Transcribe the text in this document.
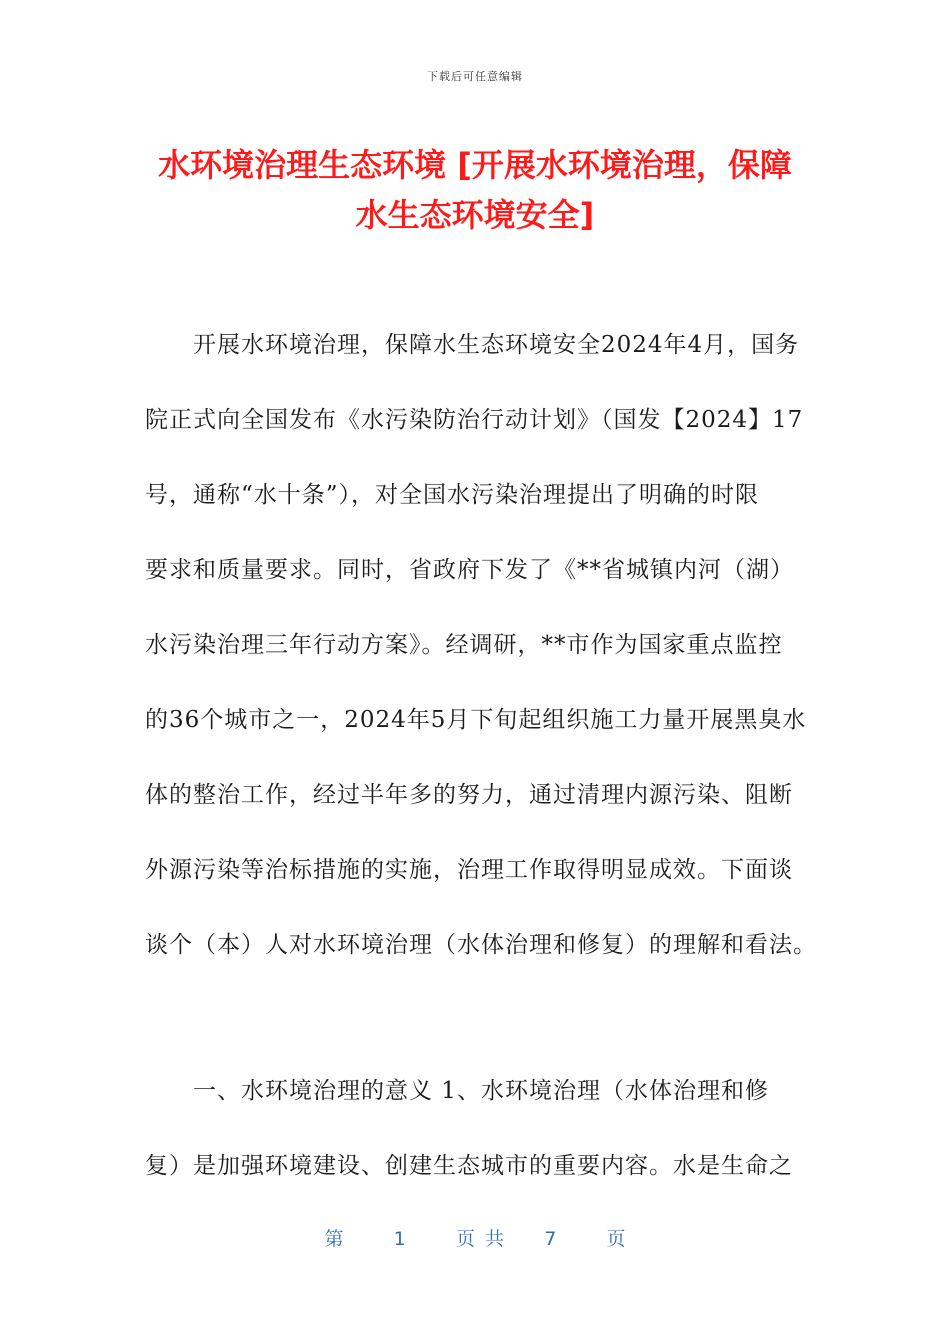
下载后可任意编辑
水环境治理生态环境 [开展水环境治理，保障
水生态环境安全]
开展水环境治理，保障水生态环境安全2024年4月，国务
院正式向全国发布《水污染防治行动计划》（国发【2024】17
号，通称“水十条”），对全国水污染治理提出了明确的时限
要求和质量要求。同时，省政府下发了《**省城镇内河（湖）
水污染治理三年行动方案》。经调研，**市作为国家重点监控
的36个城市之一，2024年5月下旬起组织施工力量开展黑臭水
体的整治工作，经过半年多的努力，通过清理内源污染、阻断
外源污染等治标措施的实施，治理工作取得明显成效。下面谈
谈个（本）人对水环境治理（水体治理和修复）的理解和看法。
一、水环境治理的意义 1、水环境治理（水体治理和修
复）是加强环境建设、创建生态城市的重要内容。水是生命之
第	1	页 共 7	页
